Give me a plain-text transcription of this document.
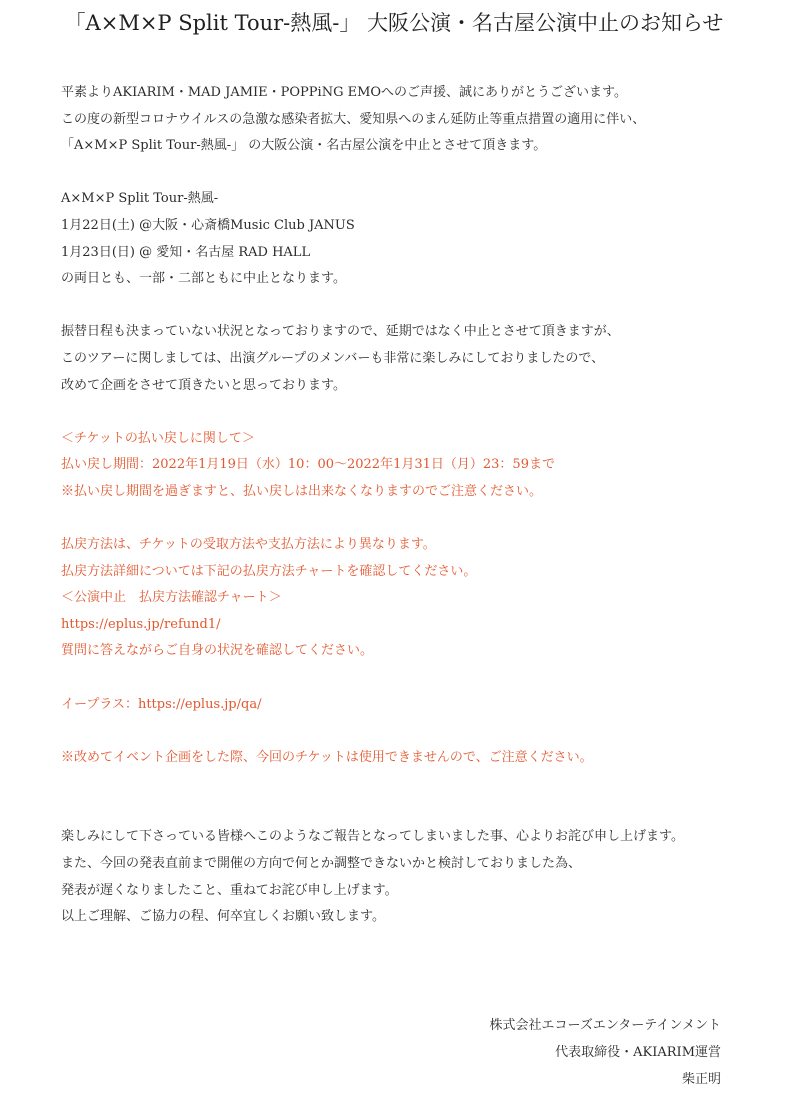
「A×M×P Split Tour-熱風-」 大阪公演・名古屋公演中止のお知らせ
平素よりAKIARIM・MAD JAMIE・POPPiNG EMOへのご声援、誠にありがとうございます。
この度の新型コロナウイルスの急激な感染者拡大、愛知県へのまん延防止等重点措置の適用に伴い、
「A×M×P Split Tour-熱風-」 の大阪公演・名古屋公演を中止とさせて頂きます。
A×M×P Split Tour-熱風-
1月22日(土) @大阪・心斎橋Music Club JANUS
1月23日(日) @ 愛知・名古屋 RAD HALL
の両日とも、一部・二部ともに中止となります。
振替日程も決まっていない状況となっておりますので、延期ではなく中止とさせて頂きますが、
このツアーに関しましては、出演グループのメンバーも非常に楽しみにしておりましたので、
改めて企画をさせて頂きたいと思っております。
＜チケットの払い戻しに関して＞
払い戻し期間：2022年1月19日（水）10：00〜2022年1月31日（月）23：59まで
※払い戻し期間を過ぎますと、払い戻しは出来なくなりますのでご注意ください。
払戻方法は、チケットの受取方法や支払方法により異なります。
払戻方法詳細については下記の払戻方法チャートを確認してください。
＜公演中止　払戻方法確認チャート＞
https://eplus.jp/refund1/
質問に答えながらご自身の状況を確認してください。
イープラス：https://eplus.jp/qa/
※改めてイベント企画をした際、今回のチケットは使用できませんので、ご注意ください。
楽しみにして下さっている皆様へこのようなご報告となってしまいました事、心よりお詫び申し上げます。
また、今回の発表直前まで開催の方向で何とか調整できないかと検討しておりました為、
発表が遅くなりましたこと、重ねてお詫び申し上げます。
以上ご理解、ご協力の程、何卒宜しくお願い致します。
株式会社エコーズエンターテインメント
代表取締役・AKIARIM運営
柴正明
